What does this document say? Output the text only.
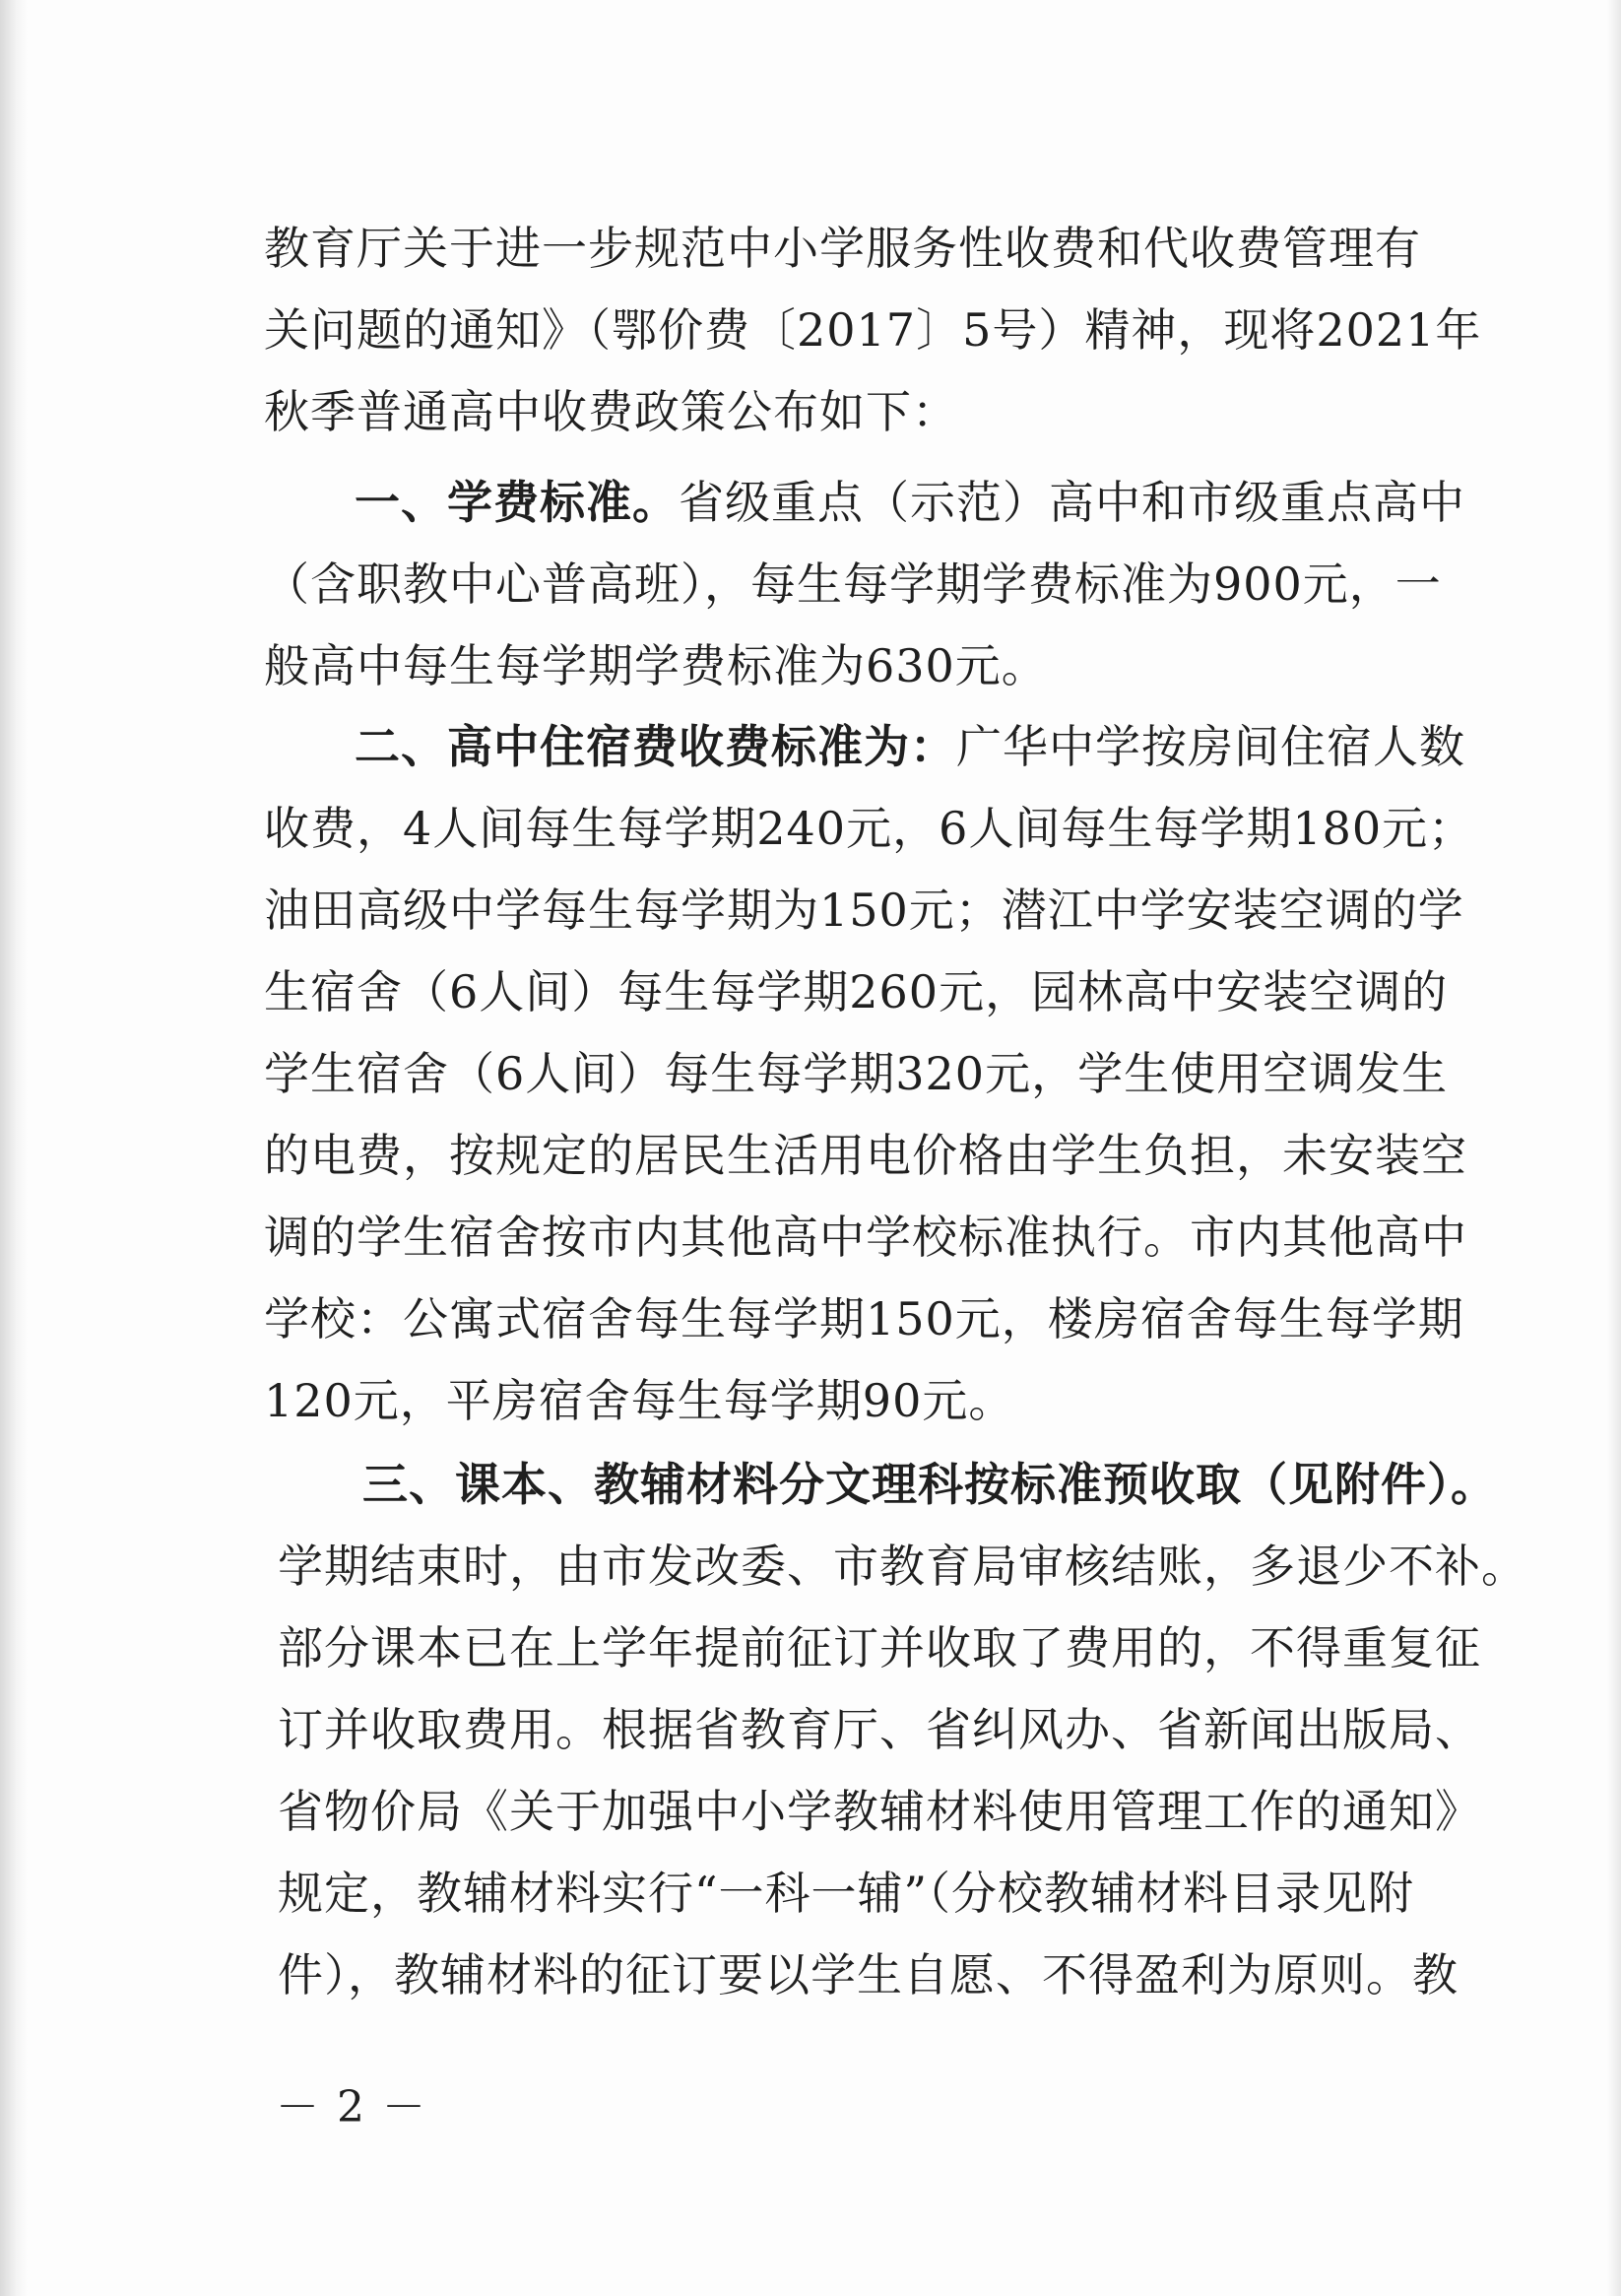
教育厅关于进一步规范中小学服务性收费和代收费管理有
关问题的通知》（鄂价费〔2017〕5号）精神，现将2021年
秋季普通高中收费政策公布如下：
一、学费标准。省级重点（示范）高中和市级重点高中
（含职教中心普高班），每生每学期学费标准为900元，一
般高中每生每学期学费标准为630元。
二、高中住宿费收费标准为：广华中学按房间住宿人数
收费，4人间每生每学期240元，6人间每生每学期180元；
油田高级中学每生每学期为150元；潜江中学安装空调的学
生宿舍（6人间）每生每学期260元，园林高中安装空调的
学生宿舍（6人间）每生每学期320元，学生使用空调发生
的电费，按规定的居民生活用电价格由学生负担，未安装空
调的学生宿舍按市内其他高中学校标准执行。市内其他高中
学校：公寓式宿舍每生每学期150元，楼房宿舍每生每学期
120元，平房宿舍每生每学期90元。
三、课本、教辅材料分文理科按标准预收取（见附件）。
学期结束时，由市发改委、市教育局审核结账，多退少不补。
部分课本已在上学年提前征订并收取了费用的，不得重复征
订并收取费用。根据省教育厅、省纠风办、省新闻出版局、
省物价局《关于加强中小学教辅材料使用管理工作的通知》
规定，教辅材料实行“一科一辅”（分校教辅材料目录见附
件），教辅材料的征订要以学生自愿、不得盈利为原则。教
－ 2 －
